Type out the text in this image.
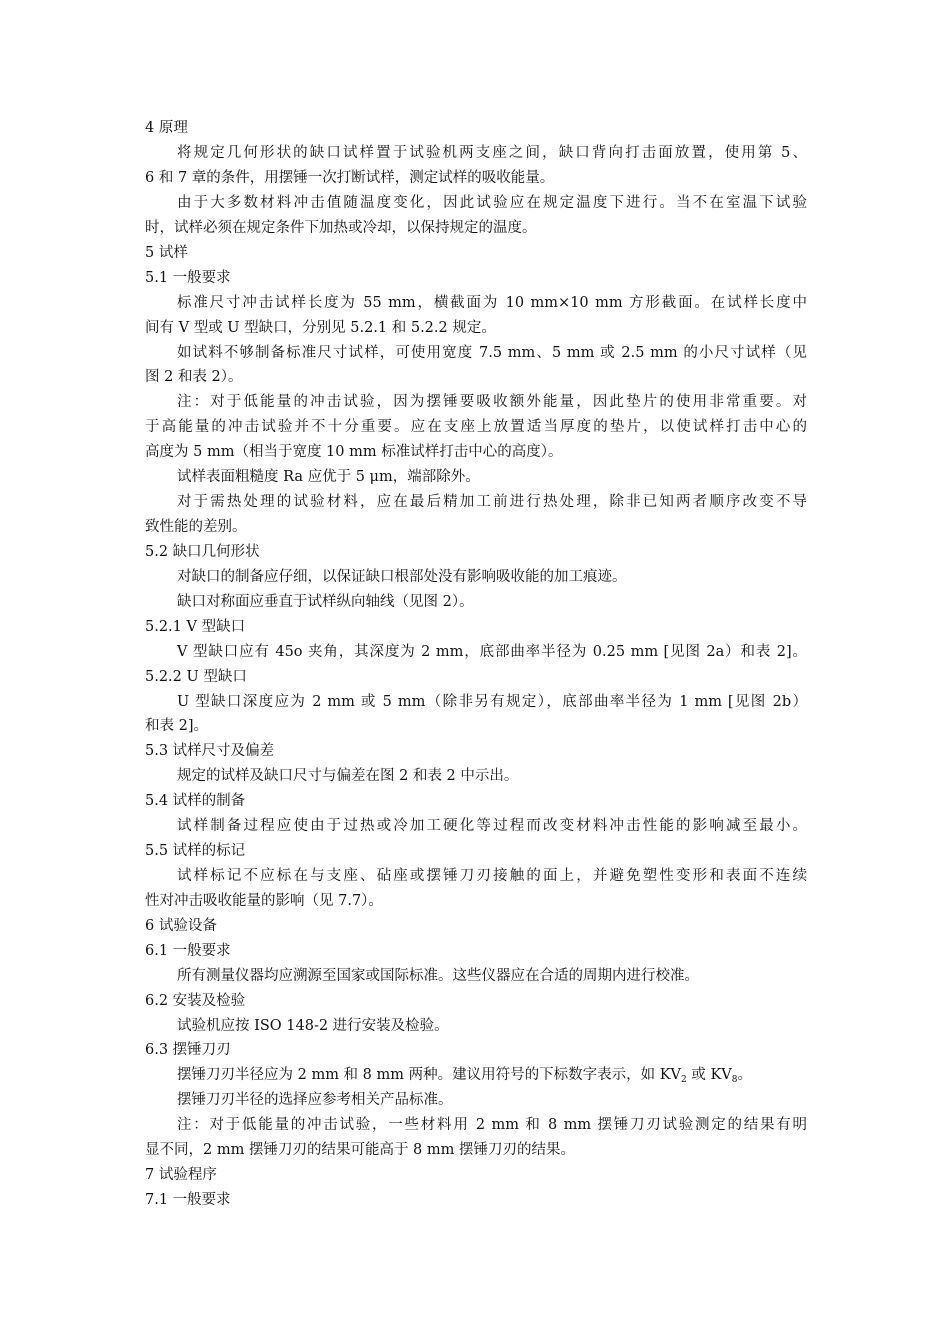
4 原理
将规定几何形状的缺口试样置于试验机两支座之间，缺口背向打击面放置，使用第 5、
6 和 7 章的条件，用摆锤一次打断试样，测定试样的吸收能量。
由于大多数材料冲击值随温度变化，因此试验应在规定温度下进行。当不在室温下试验
时，试样必须在规定条件下加热或冷却，以保持规定的温度。
5 试样
5.1 一般要求
标准尺寸冲击试样长度为 55 mm，横截面为 10 mm×10 mm 方形截面。在试样长度中
间有 V 型或 U 型缺口，分别见 5.2.1 和 5.2.2 规定。
如试料不够制备标准尺寸试样，可使用宽度 7.5 mm、5 mm 或 2.5 mm 的小尺寸试样（见
图 2 和表 2）。
注：对于低能量的冲击试验，因为摆锤要吸收额外能量，因此垫片的使用非常重要。对
于高能量的冲击试验并不十分重要。应在支座上放置适当厚度的垫片，以使试样打击中心的
高度为 5 mm（相当于宽度 10 mm 标准试样打击中心的高度）。
试样表面粗糙度 Ra 应优于 5 μm，端部除外。
对于需热处理的试验材料，应在最后精加工前进行热处理，除非已知两者顺序改变不导
致性能的差别。
5.2 缺口几何形状
对缺口的制备应仔细，以保证缺口根部处没有影响吸收能的加工痕迹。
缺口对称面应垂直于试样纵向轴线（见图 2）。
5.2.1 V 型缺口
V 型缺口应有 45o 夹角，其深度为 2 mm，底部曲率半径为 0.25 mm [见图 2a）和表 2]。
5.2.2 U 型缺口
U 型缺口深度应为 2 mm 或 5 mm（除非另有规定），底部曲率半径为 1 mm [见图 2b）
和表 2]。
5.3 试样尺寸及偏差
规定的试样及缺口尺寸与偏差在图 2 和表 2 中示出。
5.4 试样的制备
试样制备过程应使由于过热或冷加工硬化等过程而改变材料冲击性能的影响减至最小。
5.5 试样的标记
试样标记不应标在与支座、砧座或摆锤刀刃接触的面上，并避免塑性变形和表面不连续
性对冲击吸收能量的影响（见 7.7）。
6 试验设备
6.1 一般要求
所有测量仪器均应溯源至国家或国际标准。这些仪器应在合适的周期内进行校准。
6.2 安装及检验
试验机应按 ISO 148-2 进行安装及检验。
6.3 摆锤刀刃
摆锤刀刃半径应为 2 mm 和 8 mm 两种。建议用符号的下标数字表示，如 $KV_2$ 或 $KV_8$。
摆锤刀刃半径的选择应参考相关产品标准。
注：对于低能量的冲击试验，一些材料用 2 mm 和 8 mm 摆锤刀刃试验测定的结果有明
显不同，2 mm 摆锤刀刃的结果可能高于 8 mm 摆锤刀刃的结果。
7 试验程序
7.1 一般要求
